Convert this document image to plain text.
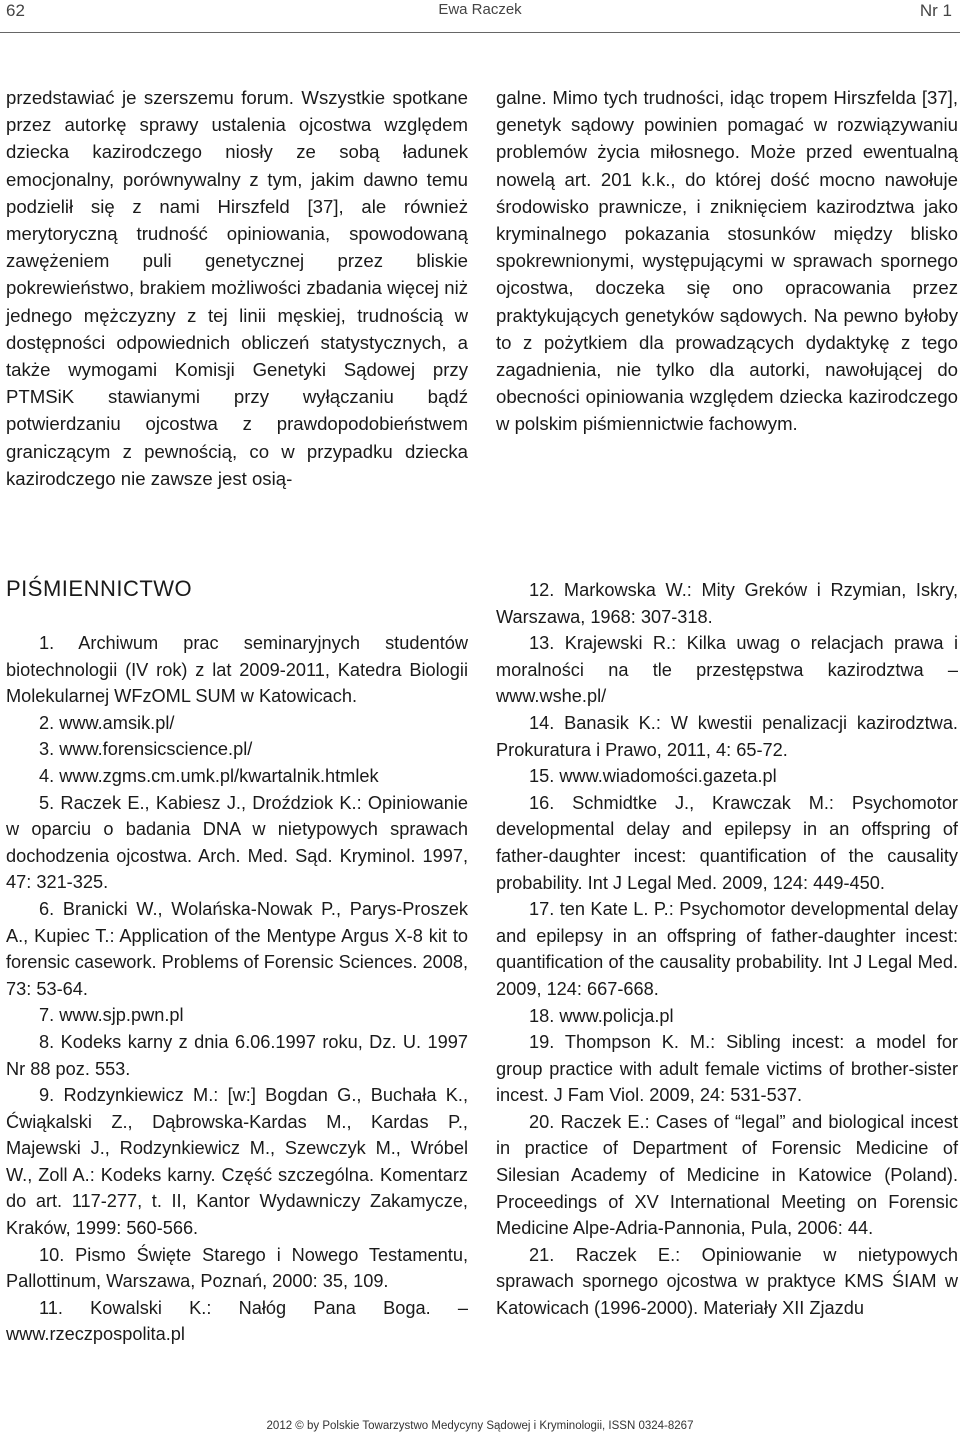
62	Ewa Raczek	Nr 1

przedstawiać je szerszemu forum. Wszystkie spotkane przez autorkę sprawy ustalenia ojcostwa względem dziecka kazirodczego niosły ze sobą ładunek emocjonalny, porównywalny z tym, jakim dawno temu podzielił się z nami Hirszfeld [37], ale również merytoryczną trudność opiniowania, spowodowaną zawężeniem puli genetycznej przez bliskie pokrewieństwo, brakiem możliwości zbadania więcej niż jednego mężczyzny z tej linii męskiej, trudnością w dostępności odpowiednich obliczeń statystycznych, a także wymogami Komisji Genetyki Sądowej przy PTMSiK stawianymi przy wyłączaniu bądź potwierdzaniu ojcostwa z prawdopodobieństwem graniczącym z pewnością, co w przypadku dziecka kazirodczego nie zawsze jest osią-

galne. Mimo tych trudności, idąc tropem Hirszfelda [37], genetyk sądowy powinien pomagać w rozwiązywaniu problemów życia miłosnego. Może przed ewentualną nowelą art. 201 k.k., do której dość mocno nawołuje środowisko prawnicze, i zniknięciem kazirodztwa jako kryminalnego pokazania stosunków między blisko spokrewnionymi, występującymi w sprawach spornego ojcostwa, doczeka się ono opracowania przez praktykujących genetyków sądowych. Na pewno byłoby to z pożytkiem dla prowadzących dydaktykę z tego zagadnienia, nie tylko dla autorki, nawołującej do obecności opiniowania względem dziecka kazirodczego w polskim piśmiennictwie fachowym.

PIŚMIENNICTWO
1. Archiwum prac seminaryjnych studentów biotechnologii (IV rok) z lat 2009-2011, Katedra Biologii Molekularnej WFzOML SUM w Katowicach.
2. www.amsik.pl/
3. www.forensicscience.pl/
4. www.zgms.cm.umk.pl/kwartalnik.htmlek
5. Raczek E., Kabiesz J., Droździok K.: Opiniowanie w oparciu o badania DNA w nietypowych sprawach dochodzenia ojcostwa. Arch. Med. Sąd. Kryminol. 1997, 47: 321-325.
6. Branicki W., Wolańska-Nowak P., Parys-Proszek A., Kupiec T.: Application of the Mentype Argus X-8 kit to forensic casework. Problems of Forensic Sciences. 2008, 73: 53-64.
7. www.sjp.pwn.pl
8. Kodeks karny z dnia 6.06.1997 roku, Dz. U. 1997 Nr 88 poz. 553.
9. Rodzynkiewicz M.: [w:] Bogdan G., Buchała K., Ćwiąkalski Z., Dąbrowska-Kardas M., Kardas P., Majewski J., Rodzynkiewicz M., Szewczyk M., Wróbel W., Zoll A.: Kodeks karny. Część szczególna. Komentarz do art. 117-277, t. II, Kantor Wydawniczy Zakamycze, Kraków, 1999: 560-566.
10. Pismo Święte Starego i Nowego Testamentu, Pallottinum, Warszawa, Poznań, 2000: 35, 109.
11. Kowalski K.: Nałóg Pana Boga. – www.rzeczpospolita.pl
12. Markowska W.: Mity Greków i Rzymian, Iskry, Warszawa, 1968: 307-318.
13. Krajewski R.: Kilka uwag o relacjach prawa i moralności na tle przestępstwa kazirodztwa – www.wshe.pl/
14. Banasik K.: W kwestii penalizacji kazirodztwa. Prokuratura i Prawo, 2011, 4: 65-72.
15. www.wiadomości.gazeta.pl
16. Schmidtke J., Krawczak M.: Psychomotor developmental delay and epilepsy in an offspring of father-daughter incest: quantification of the causality probability. Int J Legal Med. 2009, 124: 449-450.
17. ten Kate L. P.: Psychomotor developmental delay and epilepsy in an offspring of father-daughter incest: quantification of the causality probability. Int J Legal Med. 2009, 124: 667-668.
18. www.policja.pl
19. Thompson K. M.: Sibling incest: a model for group practice with adult female victims of brother-sister incest. J Fam Viol. 2009, 24: 531-537.
20. Raczek E.: Cases of “legal” and biological incest in practice of Department of Forensic Medicine of Silesian Academy of Medicine in Katowice (Poland). Proceedings of XV International Meeting on Forensic Medicine Alpe-Adria-Pannonia, Pula, 2006: 44.
21. Raczek E.: Opiniowanie w nietypowych sprawach spornego ojcostwa w praktyce KMS ŚIAM w Katowicach (1996-2000). Materiały XII Zjazdu
2012 © by Polskie Towarzystwo Medycyny Sądowej i Kryminologii, ISSN 0324-8267
